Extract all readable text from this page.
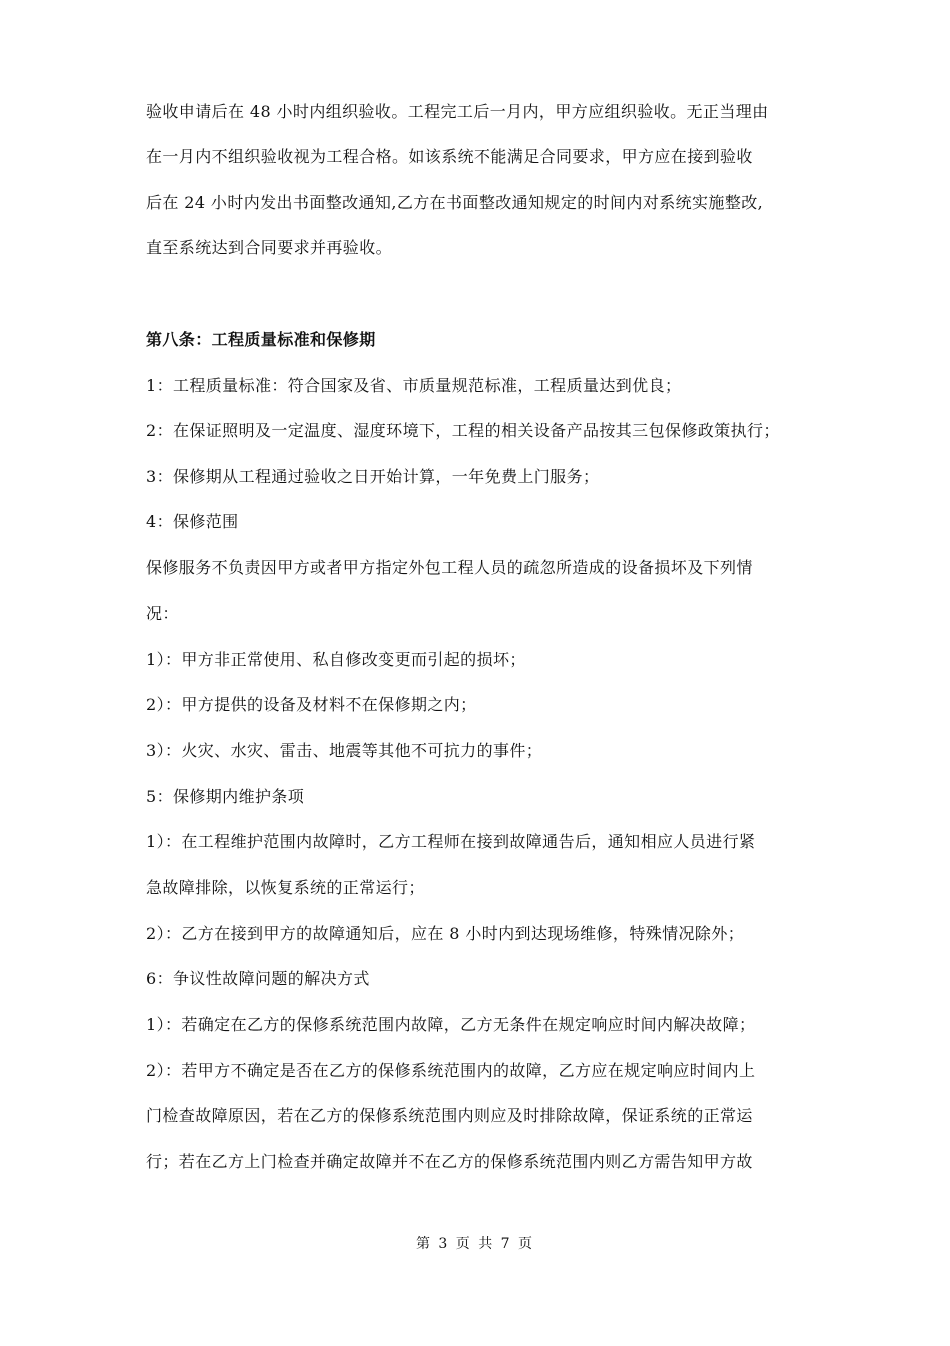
验收申请后在 48 小时内组织验收。工程完工后一月内，甲方应组织验收。无正当理由
在一月内不组织验收视为工程合格。如该系统不能满足合同要求，甲方应在接到验收
后在 24 小时内发出书面整改通知,乙方在书面整改通知规定的时间内对系统实施整改,
直至系统达到合同要求并再验收。
第八条：工程质量标准和保修期
1：工程质量标准：符合国家及省、市质量规范标准，工程质量达到优良；
2：在保证照明及一定温度、湿度环境下，工程的相关设备产品按其三包保修政策执行；
3：保修期从工程通过验收之日开始计算，一年免费上门服务；
4：保修范围
保修服务不负责因甲方或者甲方指定外包工程人员的疏忽所造成的设备损坏及下列情
况：
1）：甲方非正常使用、私自修改变更而引起的损坏；
2）：甲方提供的设备及材料不在保修期之内；
3）：火灾、水灾、雷击、地震等其他不可抗力的事件；
5：保修期内维护条项
1）：在工程维护范围内故障时，乙方工程师在接到故障通告后，通知相应人员进行紧
急故障排除，以恢复系统的正常运行；
2）：乙方在接到甲方的故障通知后，应在 8 小时内到达现场维修，特殊情况除外；
6：争议性故障问题的解决方式
1）：若确定在乙方的保修系统范围内故障，乙方无条件在规定响应时间内解决故障；
2）：若甲方不确定是否在乙方的保修系统范围内的故障，乙方应在规定响应时间内上
门检查故障原因，若在乙方的保修系统范围内则应及时排除故障，保证系统的正常运
行；若在乙方上门检查并确定故障并不在乙方的保修系统范围内则乙方需告知甲方故
第 3 页 共 7 页
